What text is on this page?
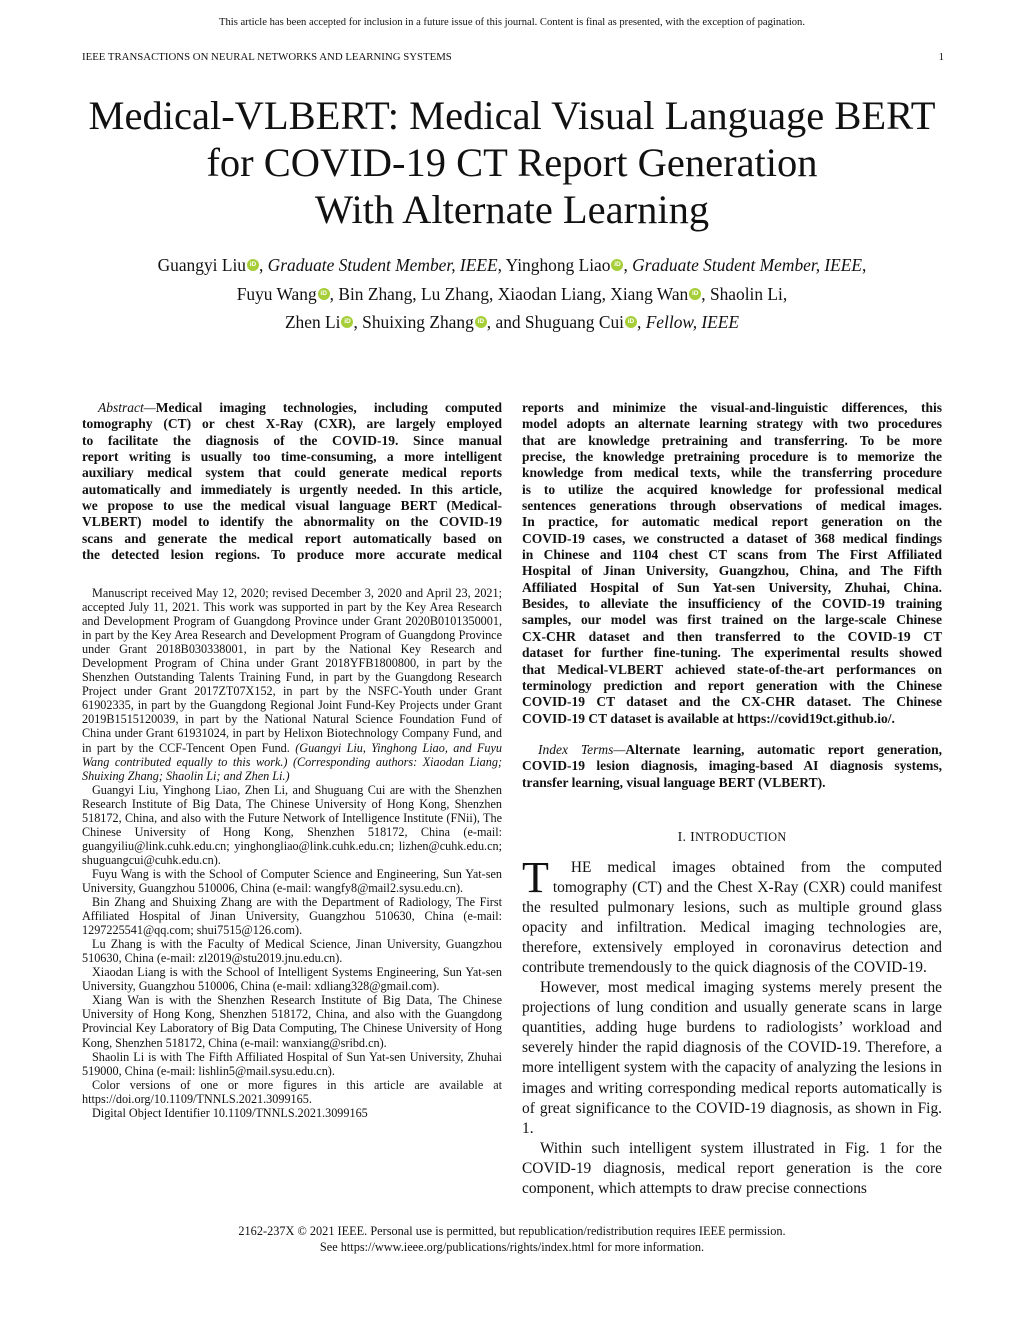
This article has been accepted for inclusion in a future issue of this journal. Content is final as presented, with the exception of pagination.
IEEE TRANSACTIONS ON NEURAL NETWORKS AND LEARNING SYSTEMS	1
Medical-VLBERT: Medical Visual Language BERT
for COVID-19 CT Report Generation
With Alternate Learning
Guangyi Liu iD , Graduate Student Member, IEEE, Yinghong Liao iD , Graduate Student Member, IEEE,
Fuyu Wang iD , Bin Zhang, Lu Zhang, Xiaodan Liang, Xiang Wan iD , Shaolin Li,
Zhen Li iD , Shuixing Zhang iD , and Shuguang Cui iD , Fellow, IEEE
Abstract—Medical imaging technologies, including computed
tomography (CT) or chest X-Ray (CXR), are largely employed
to facilitate the diagnosis of the COVID-19. Since manual
report writing is usually too time-consuming, a more intelligent
auxiliary medical system that could generate medical reports
automatically and immediately is urgently needed. In this article,
we propose to use the medical visual language BERT (Medical-
VLBERT) model to identify the abnormality on the COVID-19
scans and generate the medical report automatically based on
the detected lesion regions. To produce more accurate medical

Manuscript received May 12, 2020; revised December 3, 2020 and April 23, 2021; accepted July 11, 2021. This work was supported in part by the Key Area Research and Development Program of Guangdong Province under Grant 2020B0101350001, in part by the Key Area Research and Development Program of Guangdong Province under Grant 2018B030338001, in part by the National Key Research and Development Program of China under Grant 2018YFB1800800, in part by the Shenzhen Outstanding Talents Training Fund, in part by the Guangdong Research Project under Grant 2017ZT07X152, in part by the NSFC-Youth under Grant 61902335, in part by the Guangdong Regional Joint Fund-Key Projects under Grant 2019B1515120039, in part by the National Natural Science Foundation Fund of China under Grant 61931024, in part by Helixon Biotechnology Company Fund, and in part by the CCF-Tencent Open Fund. (Guangyi Liu, Yinghong Liao, and Fuyu Wang contributed equally to this work.) (Corresponding authors: Xiaodan Liang; Shuixing Zhang; Shaolin Li; and Zhen Li.)

Guangyi Liu, Yinghong Liao, Zhen Li, and Shuguang Cui are with the Shenzhen Research Institute of Big Data, The Chinese University of Hong Kong, Shenzhen 518172, China, and also with the Future Network of Intelligence Institute (FNii), The Chinese University of Hong Kong, Shenzhen 518172, China (e-mail: guangyiliu@link.cuhk.edu.cn; yinghongliao@link.cuhk.edu.cn; lizhen@cuhk.edu.cn; shuguangcui@cuhk.edu.cn).

Fuyu Wang is with the School of Computer Science and Engineering, Sun Yat-sen University, Guangzhou 510006, China (e-mail: wangfy8@mail2.sysu.edu.cn).

Bin Zhang and Shuixing Zhang are with the Department of Radiology, The First Affiliated Hospital of Jinan University, Guangzhou 510630, China (e-mail: 1297225541@qq.com; shui7515@126.com).

Lu Zhang is with the Faculty of Medical Science, Jinan University, Guangzhou 510630, China (e-mail: zl2019@stu2019.jnu.edu.cn).

Xiaodan Liang is with the School of Intelligent Systems Engineering, Sun Yat-sen University, Guangzhou 510006, China (e-mail: xdliang328@gmail.com).

Xiang Wan is with the Shenzhen Research Institute of Big Data, The Chinese University of Hong Kong, Shenzhen 518172, China, and also with the Guangdong Provincial Key Laboratory of Big Data Computing, The Chinese University of Hong Kong, Shenzhen 518172, China (e-mail: wanxiang@sribd.cn).

Shaolin Li is with The Fifth Affiliated Hospital of Sun Yat-sen University, Zhuhai 519000, China (e-mail: lishlin5@mail.sysu.edu.cn).

Color versions of one or more figures in this article are available at https://doi.org/10.1109/TNNLS.2021.3099165.

Digital Object Identifier 10.1109/TNNLS.2021.3099165

reports and minimize the visual-and-linguistic differences, this
model adopts an alternate learning strategy with two procedures
that are knowledge pretraining and transferring. To be more
precise, the knowledge pretraining procedure is to memorize the
knowledge from medical texts, while the transferring procedure
is to utilize the acquired knowledge for professional medical
sentences generations through observations of medical images.
In practice, for automatic medical report generation on the
COVID-19 cases, we constructed a dataset of 368 medical findings
in Chinese and 1104 chest CT scans from The First Affiliated
Hospital of Jinan University, Guangzhou, China, and The Fifth
Affiliated Hospital of Sun Yat-sen University, Zhuhai, China.
Besides, to alleviate the insufficiency of the COVID-19 training
samples, our model was first trained on the large-scale Chinese
CX-CHR dataset and then transferred to the COVID-19 CT
dataset for further fine-tuning. The experimental results showed
that Medical-VLBERT achieved state-of-the-art performances on
terminology prediction and report generation with the Chinese
COVID-19 CT dataset and the CX-CHR dataset. The Chinese
COVID-19 CT dataset is available at https://covid19ct.github.io/.
Index Terms—Alternate learning, automatic report generation,
COVID-19 lesion diagnosis, imaging-based AI diagnosis systems,
transfer learning, visual language BERT (VLBERT).
I. INTRODUCTION

T HE medical images obtained from the computed tomography (CT) and the Chest X-Ray (CXR) could manifest the resulted pulmonary lesions, such as multiple ground glass opacity and infiltration. Medical imaging technologies are, therefore, extensively employed in coronavirus detection and contribute tremendously to the quick diagnosis of the COVID-19.

However, most medical imaging systems merely present the projections of lung condition and usually generate scans in large quantities, adding huge burdens to radiologists’ workload and severely hinder the rapid diagnosis of the COVID-19. Therefore, a more intelligent system with the capacity of analyzing the lesions in images and writing corresponding medical reports automatically is of great significance to the COVID-19 diagnosis, as shown in Fig. 1.

Within such intelligent system illustrated in Fig. 1 for the COVID-19 diagnosis, medical report generation is the core component, which attempts to draw precise connections

2162-237X © 2021 IEEE. Personal use is permitted, but republication/redistribution requires IEEE permission.
See https://www.ieee.org/publications/rights/index.html for more information.
